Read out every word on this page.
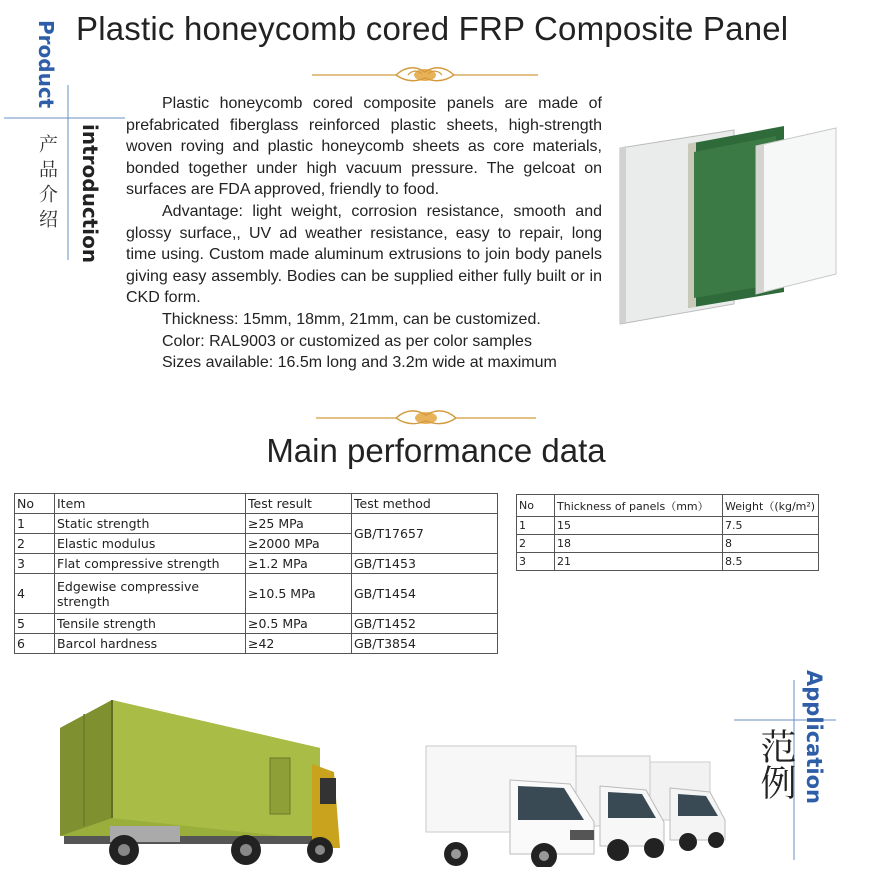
Plastic honeycomb cored FRP Composite Panel
Product
产品介绍 introduction

Plastic honeycomb cored composite panels are made of prefabricated fiberglass reinforced plastic sheets, high-strength woven roving and plastic honeycomb sheets as core materials, bonded together under high vacuum pressure. The gelcoat on surfaces are FDA approved, friendly to food.

Advantage: light weight, corrosion resistance, smooth and glossy surface,, UV ad weather resistance, easy to repair, long time using. Custom made aluminum extrusions to join body panels giving easy assembly. Bodies can be supplied either fully built or in CKD form.

Thickness: 15mm, 18mm, 21mm, can be customized.

Color: RAL9003 or customized as per color samples

Sizes available: 16.5m long and 3.2m wide at maximum

Main performance data
No	Item	Test result	Test method
1	Static strength	≥25 MPa	GB/T17657
2	Elastic modulus	≥2000 MPa	
3	Flat compressive strength	≥1.2 MPa	GB/T1453
4	Edgewise compressive strength	≥10.5 MPa	GB/T1454
5	Tensile strength	≥0.5 MPa	GB/T1452
6	Barcol hardness	≥42	GB/T3854
No	Thickness of panels（mm）	Weight（(kg/m²)
1	15	7.5
2	18	8
3	21	8.5
Application
范例
